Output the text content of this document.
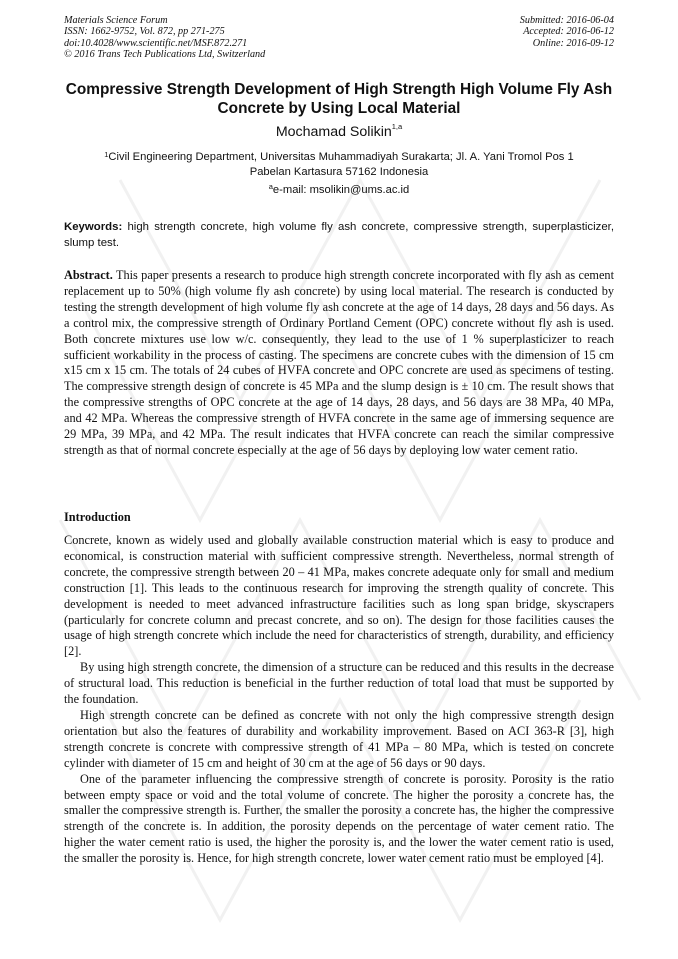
Materials Science Forum
ISSN: 1662-9752, Vol. 872, pp 271-275
doi:10.4028/www.scientific.net/MSF.872.271
© 2016 Trans Tech Publications Ltd, Switzerland
Submitted: 2016-06-04
Accepted: 2016-06-12
Online: 2016-09-12
Compressive Strength Development of High Strength High Volume Fly Ash Concrete by Using Local Material
Mochamad Solikin$^{1,a}$
$^1$Civil Engineering Department, Universitas Muhammadiyah Surakarta; Jl. A. Yani Tromol Pos 1
Pabelan Kartasura 57162 Indonesia
$^a$e-mail: msolikin@ums.ac.id

Keywords: high strength concrete, high volume fly ash concrete, compressive strength, superplasticizer, slump test.

Abstract. This paper presents a research to produce high strength concrete incorporated with fly ash as cement replacement up to 50% (high volume fly ash concrete) by using local material. The research is conducted by testing the strength development of high volume fly ash concrete at the age of 14 days, 28 days and 56 days. As a control mix, the compressive strength of Ordinary Portland Cement (OPC) concrete without fly ash is used. Both concrete mixtures use low w/c. consequently, they lead to the use of 1 % superplasticizer to reach sufficient workability in the process of casting. The specimens are concrete cubes with the dimension of 15 cm x15 cm x 15 cm. The totals of 24 cubes of HVFA concrete and OPC concrete are used as specimens of testing. The compressive strength design of concrete is 45 MPa and the slump design is ± 10 cm. The result shows that the compressive strengths of OPC concrete at the age of 14 days, 28 days, and 56 days are 38 MPa, 40 MPa, and 42 MPa. Whereas the compressive strength of HVFA concrete in the same age of immersing sequence are 29 MPa, 39 MPa, and 42 MPa. The result indicates that HVFA concrete can reach the similar compressive strength as that of normal concrete especially at the age of 56 days by deploying low water cement ratio.

Introduction

Concrete, known as widely used and globally available construction material which is easy to produce and economical, is construction material with sufficient compressive strength. Nevertheless, normal strength of concrete, the compressive strength between 20 – 41 MPa, makes concrete adequate only for small and medium construction [1]. This leads to the continuous research for improving the strength quality of concrete. This development is needed to meet advanced infrastructure facilities such as long span bridge, skyscrapers (particularly for concrete column and precast concrete, and so on). The design for those facilities causes the usage of high strength concrete which include the need for characteristics of strength, durability, and efficiency [2].

By using high strength concrete, the dimension of a structure can be reduced and this results in the decrease of structural load. This reduction is beneficial in the further reduction of total load that must be supported by the foundation.

High strength concrete can be defined as concrete with not only the high compressive strength design orientation but also the features of durability and workability improvement. Based on ACI 363-R [3], high strength concrete is concrete with compressive strength of 41 MPa – 80 MPa, which is tested on concrete cylinder with diameter of 15 cm and height of 30 cm at the age of 56 days or 90 days.

One of the parameter influencing the compressive strength of concrete is porosity. Porosity is the ratio between empty space or void and the total volume of concrete. The higher the porosity a concrete has, the smaller the compressive strength is. Further, the smaller the porosity a concrete has, the higher the compressive strength of the concrete is. In addition, the porosity depends on the percentage of water cement ratio. The higher the water cement ratio is used, the higher the porosity is, and the lower the water cement ratio is used, the smaller the porosity is. Hence, for high strength concrete, lower water cement ratio must be employed [4].
